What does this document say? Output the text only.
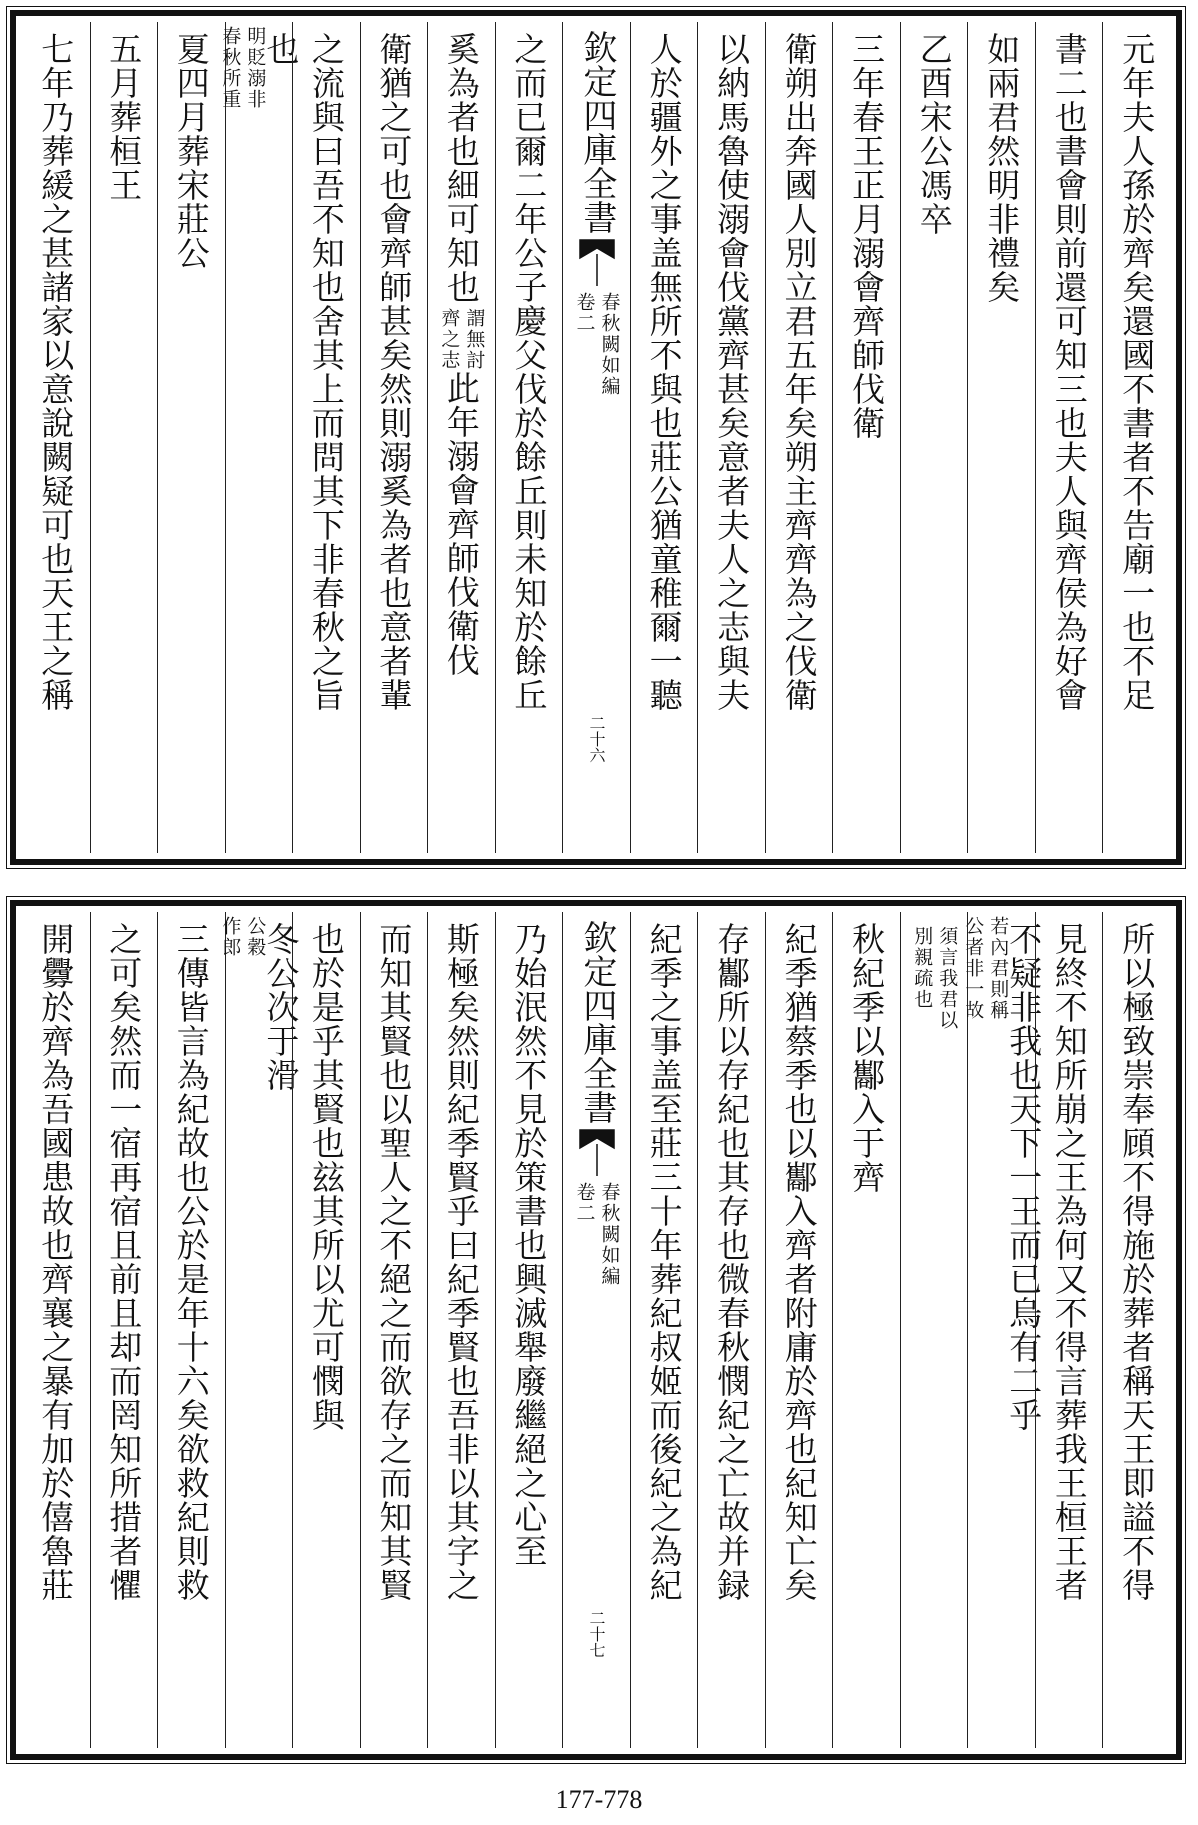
元年夫人孫於齊矣還國不書者不告廟一也不足
書二也書會則前還可知三也夫人與齊侯為好會
如兩君然明非禮矣
乙酉宋公馮卒
三年春王正月溺會齊師伐衛
衛朔出奔國人別立君五年矣朔主齊齊為之伐衛
以納馬魯使溺會伐黨齊甚矣意者夫人之志與夫
人於疆外之事盖無所不與也莊公猶童稚爾一聽
欽定四庫全書
春秋闕如編
卷二
二十六
之而已爾二年公子慶父伐於餘丘則未知於餘丘
奚為者也細可知也
謂無討
齊之志
此年溺會齊師伐衛伐
衛猶之可也會齊師甚矣然則溺奚為者也意者輩
之流與曰吾不知也舍其上而問其下非春秋之旨
也
明貶溺非
春秋所重
夏四月葬宋莊公
五月葬桓王
七年乃葬緩之甚諸家以意說闕疑可也天王之稱
所以極致崇奉頋不得施於葬者稱天王即謚不得
見終不知所崩之王為何又不得言葬我王桓王者
不疑非我也天下一王而已烏有二乎
若內君則稱
公者非一故
須言我君以
別親疏也
秋紀季以酅入于齊
紀季猶蔡季也以酅入齊者附庸於齊也紀知亡矣
存酅所以存紀也其存也微春秋憫紀之亡故并録
紀季之事盖至莊三十年葬紀叔姬而後紀之為紀
欽定四庫全書
春秋闕如編
卷二
二十七
乃始泯然不見於策書也興滅舉廢繼絕之心至
斯極矣然則紀季賢乎曰紀季賢也吾非以其字之
而知其賢也以聖人之不絕之而欲存之而知其賢
也於是乎其賢也玆其所以尤可憫與
冬公次于滑
公穀
作郎
三傳皆言為紀故也公於是年十六矣欲救紀則救
之可矣然而一宿再宿且前且却而罔知所措者懼
開釁於齊為吾國患故也齊襄之暴有加於僖魯莊
177-778
